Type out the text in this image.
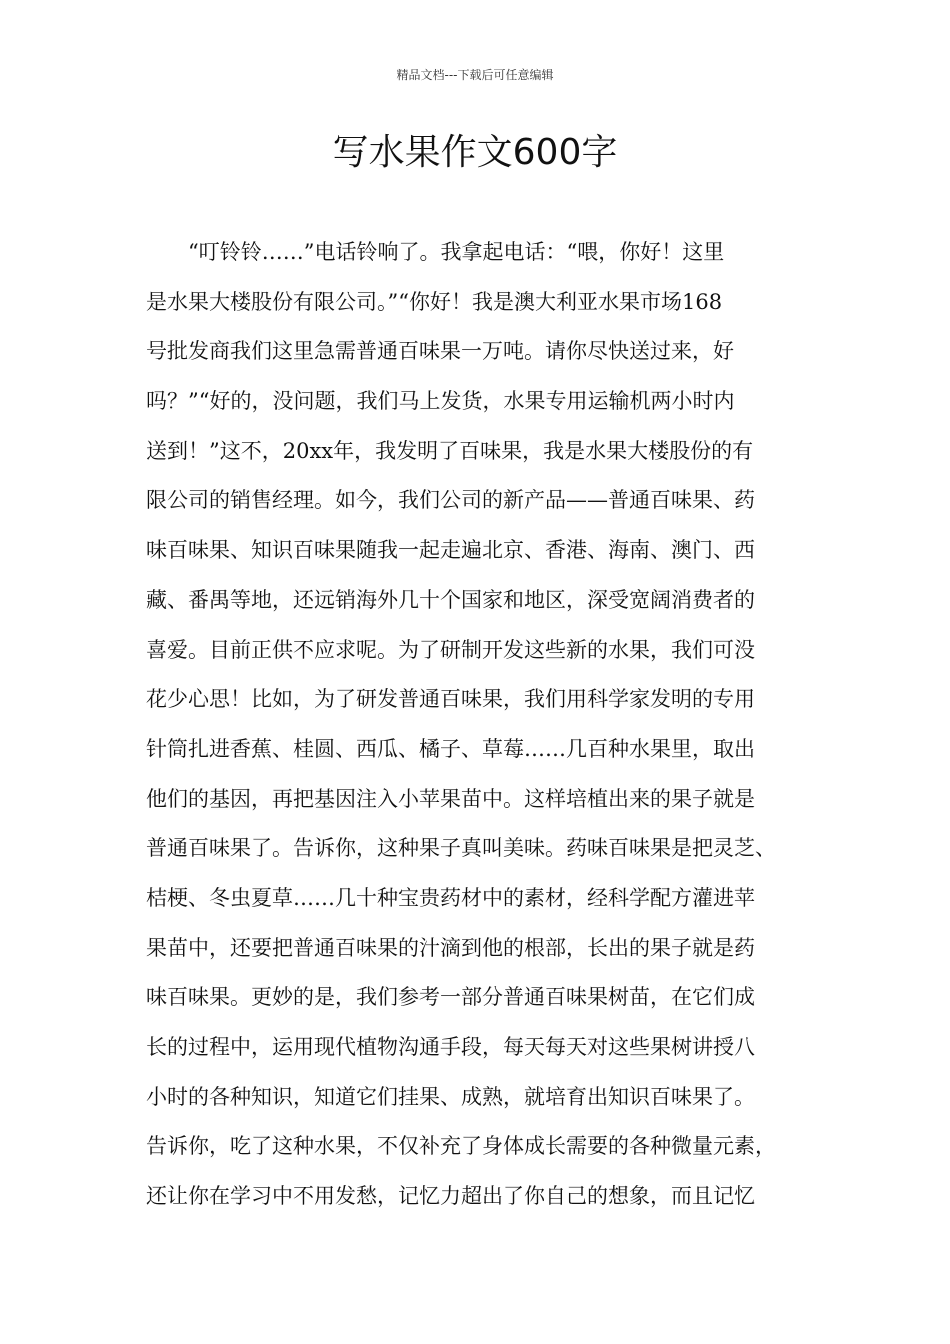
精品文档---下载后可任意编辑
写水果作文600字
　　“叮铃铃……”电话铃响了。我拿起电话：“喂，你好！这里
是水果大楼股份有限公司。”“你好！我是澳大利亚水果市场168
号批发商我们这里急需普通百味果一万吨。请你尽快送过来，好
吗？”“好的，没问题，我们马上发货，水果专用运输机两小时内
送到！”这不，20xx年，我发明了百味果，我是水果大楼股份的有
限公司的销售经理。如今，我们公司的新产品——普通百味果、药
味百味果、知识百味果随我一起走遍北京、香港、海南、澳门、西
藏、番禺等地，还远销海外几十个国家和地区，深受宽阔消费者的
喜爱。目前正供不应求呢。为了研制开发这些新的水果，我们可没
花少心思！比如，为了研发普通百味果，我们用科学家发明的专用
针筒扎进香蕉、桂圆、西瓜、橘子、草莓……几百种水果里，取出
他们的基因，再把基因注入小苹果苗中。这样培植出来的果子就是
普通百味果了。告诉你，这种果子真叫美味。药味百味果是把灵芝、
桔梗、冬虫夏草……几十种宝贵药材中的素材，经科学配方灌进苹
果苗中，还要把普通百味果的汁滴到他的根部，长出的果子就是药
味百味果。更妙的是，我们参考一部分普通百味果树苗，在它们成
长的过程中，运用现代植物沟通手段，每天每天对这些果树讲授八
小时的各种知识，知道它们挂果、成熟，就培育出知识百味果了。
告诉你，吃了这种水果，不仅补充了身体成长需要的各种微量元素，
还让你在学习中不用发愁，记忆力超出了你自己的想象，而且记忆
